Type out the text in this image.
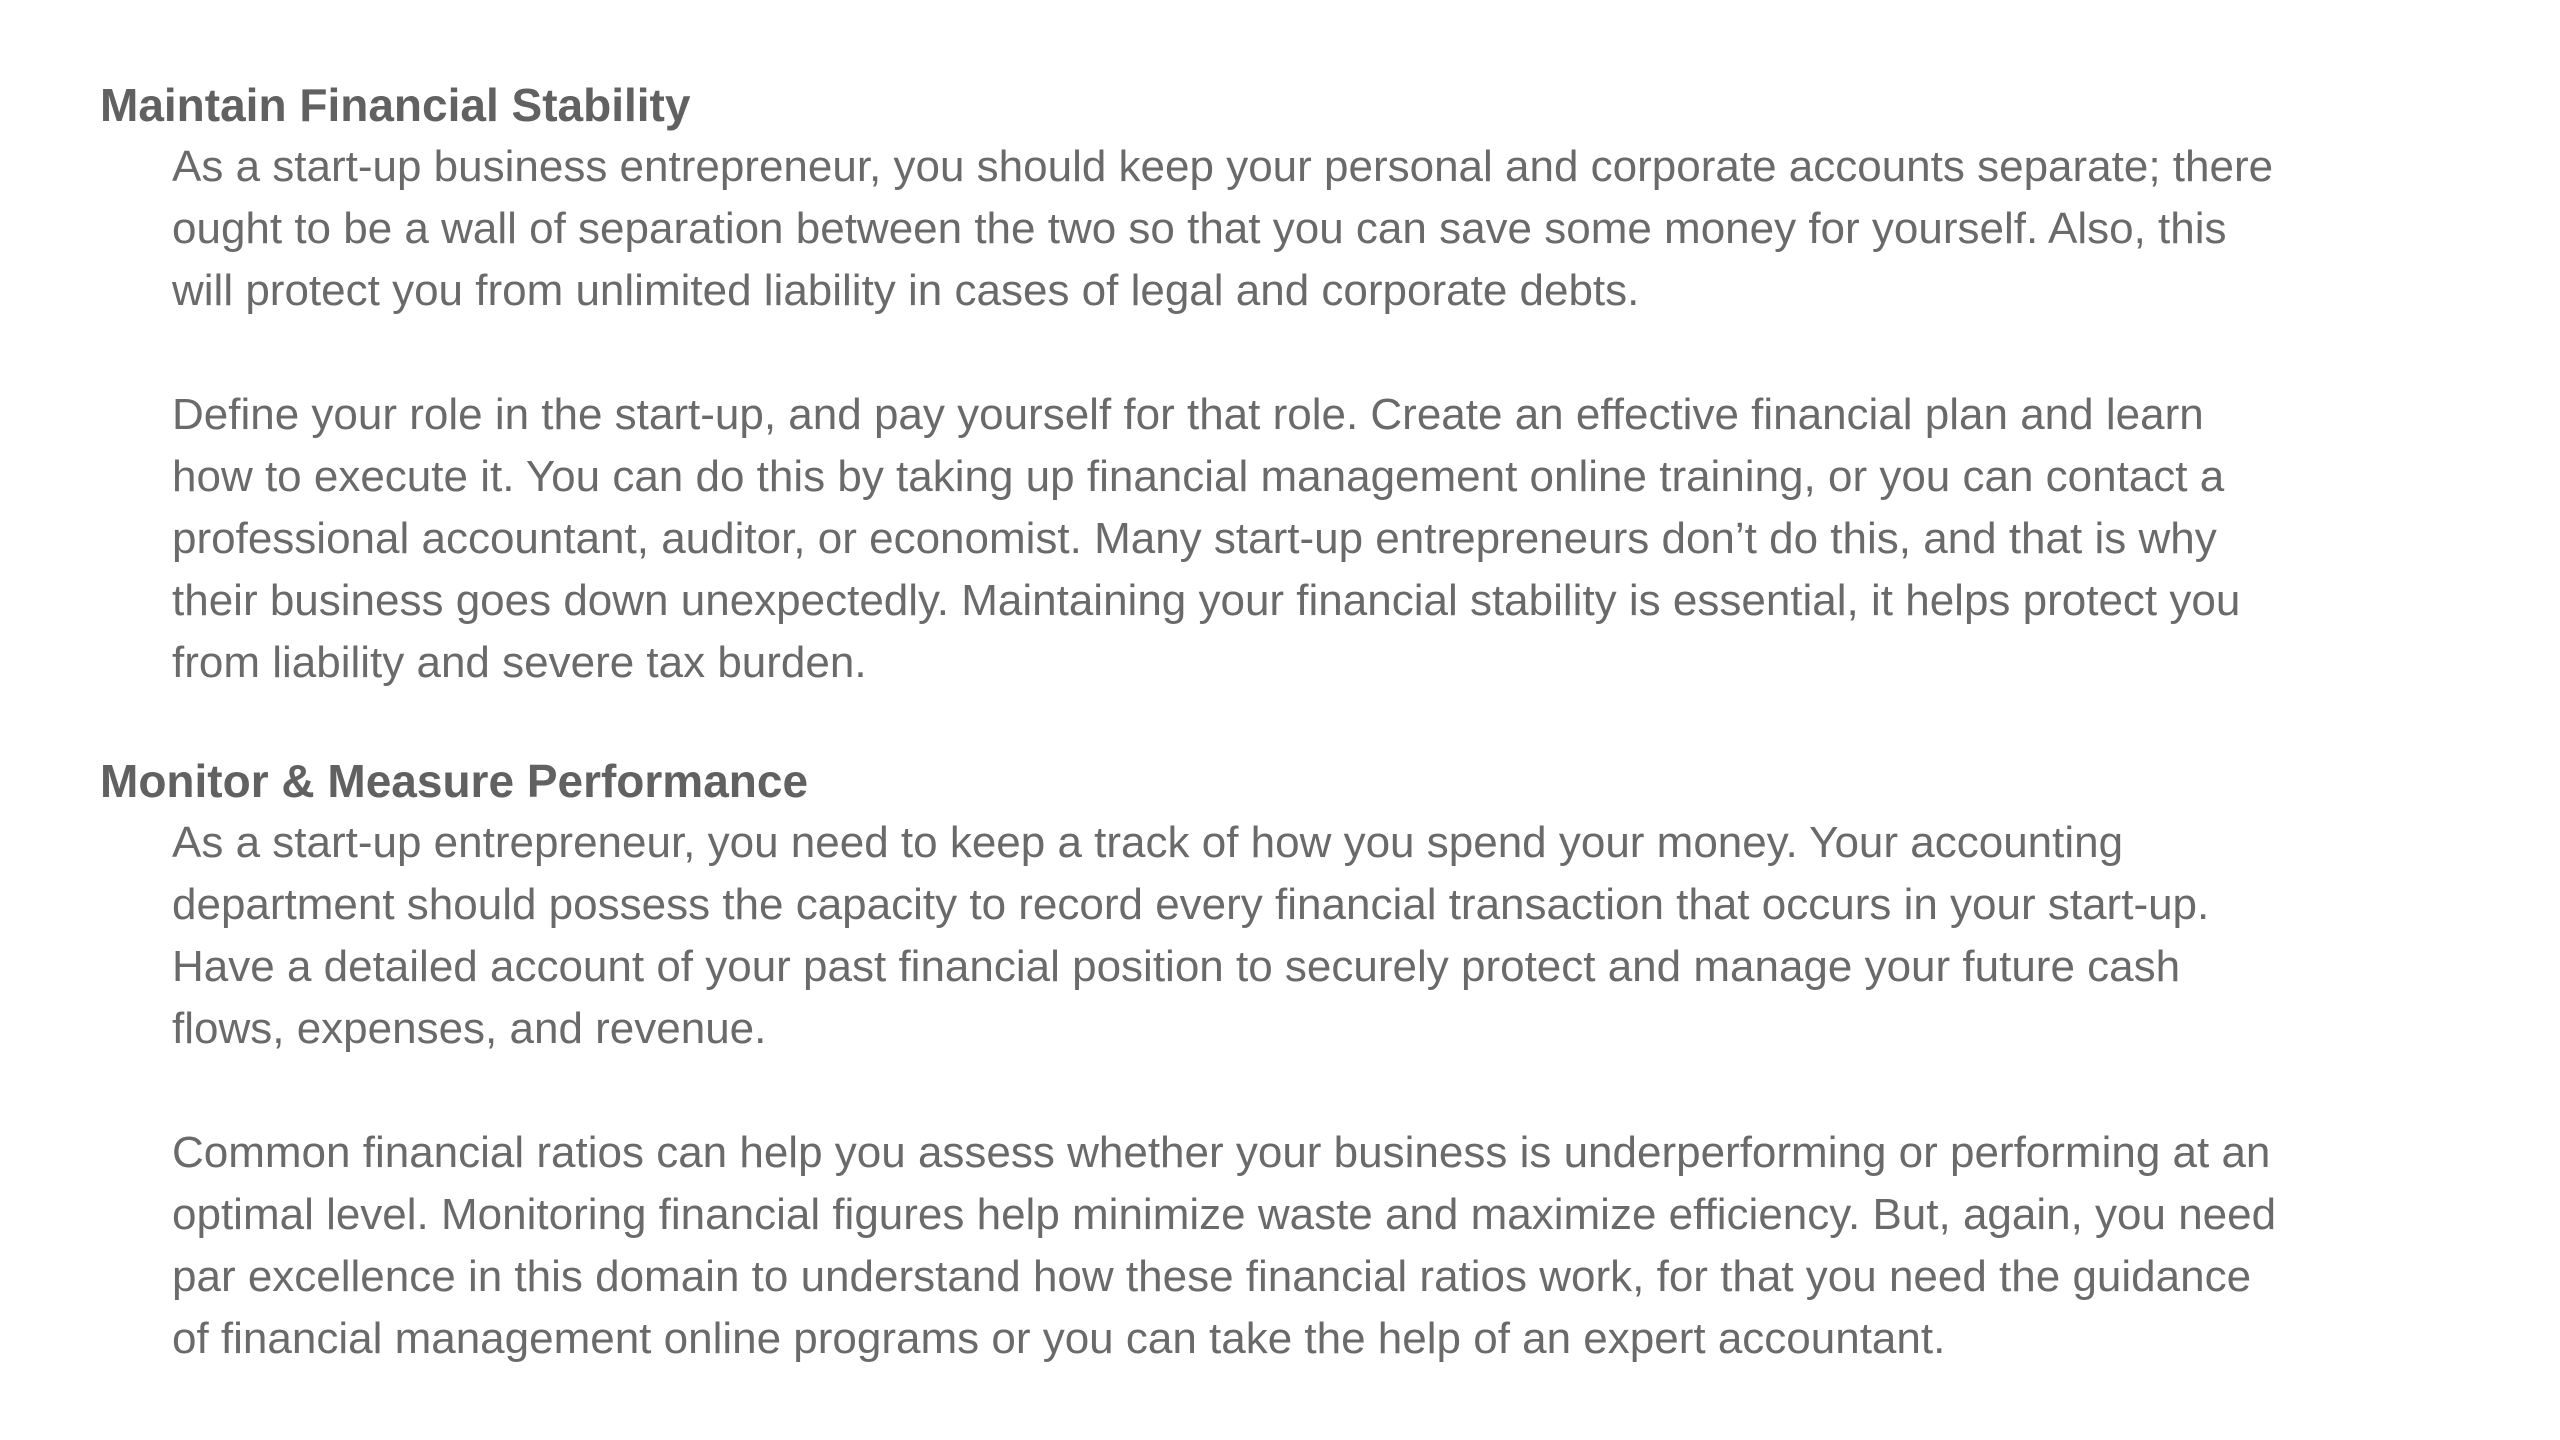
Maintain Financial Stability

As a start-up business entrepreneur, you should keep your personal and corporate accounts separate; there
ought to be a wall of separation between the two so that you can save some money for yourself. Also, this
will protect you from unlimited liability in cases of legal and corporate debts.

Define your role in the start-up, and pay yourself for that role. Create an effective financial plan and learn
how to execute it. You can do this by taking up financial management online training, or you can contact a
professional accountant, auditor, or economist. Many start-up entrepreneurs don’t do this, and that is why
their business goes down unexpectedly. Maintaining your financial stability is essential, it helps protect you
from liability and severe tax burden.

Monitor & Measure Performance

As a start-up entrepreneur, you need to keep a track of how you spend your money. Your accounting
department should possess the capacity to record every financial transaction that occurs in your start-up.
Have a detailed account of your past financial position to securely protect and manage your future cash
flows, expenses, and revenue.

Common financial ratios can help you assess whether your business is underperforming or performing at an
optimal level. Monitoring financial figures help minimize waste and maximize efficiency. But, again, you need
par excellence in this domain to understand how these financial ratios work, for that you need the guidance
of financial management online programs or you can take the help of an expert accountant.
